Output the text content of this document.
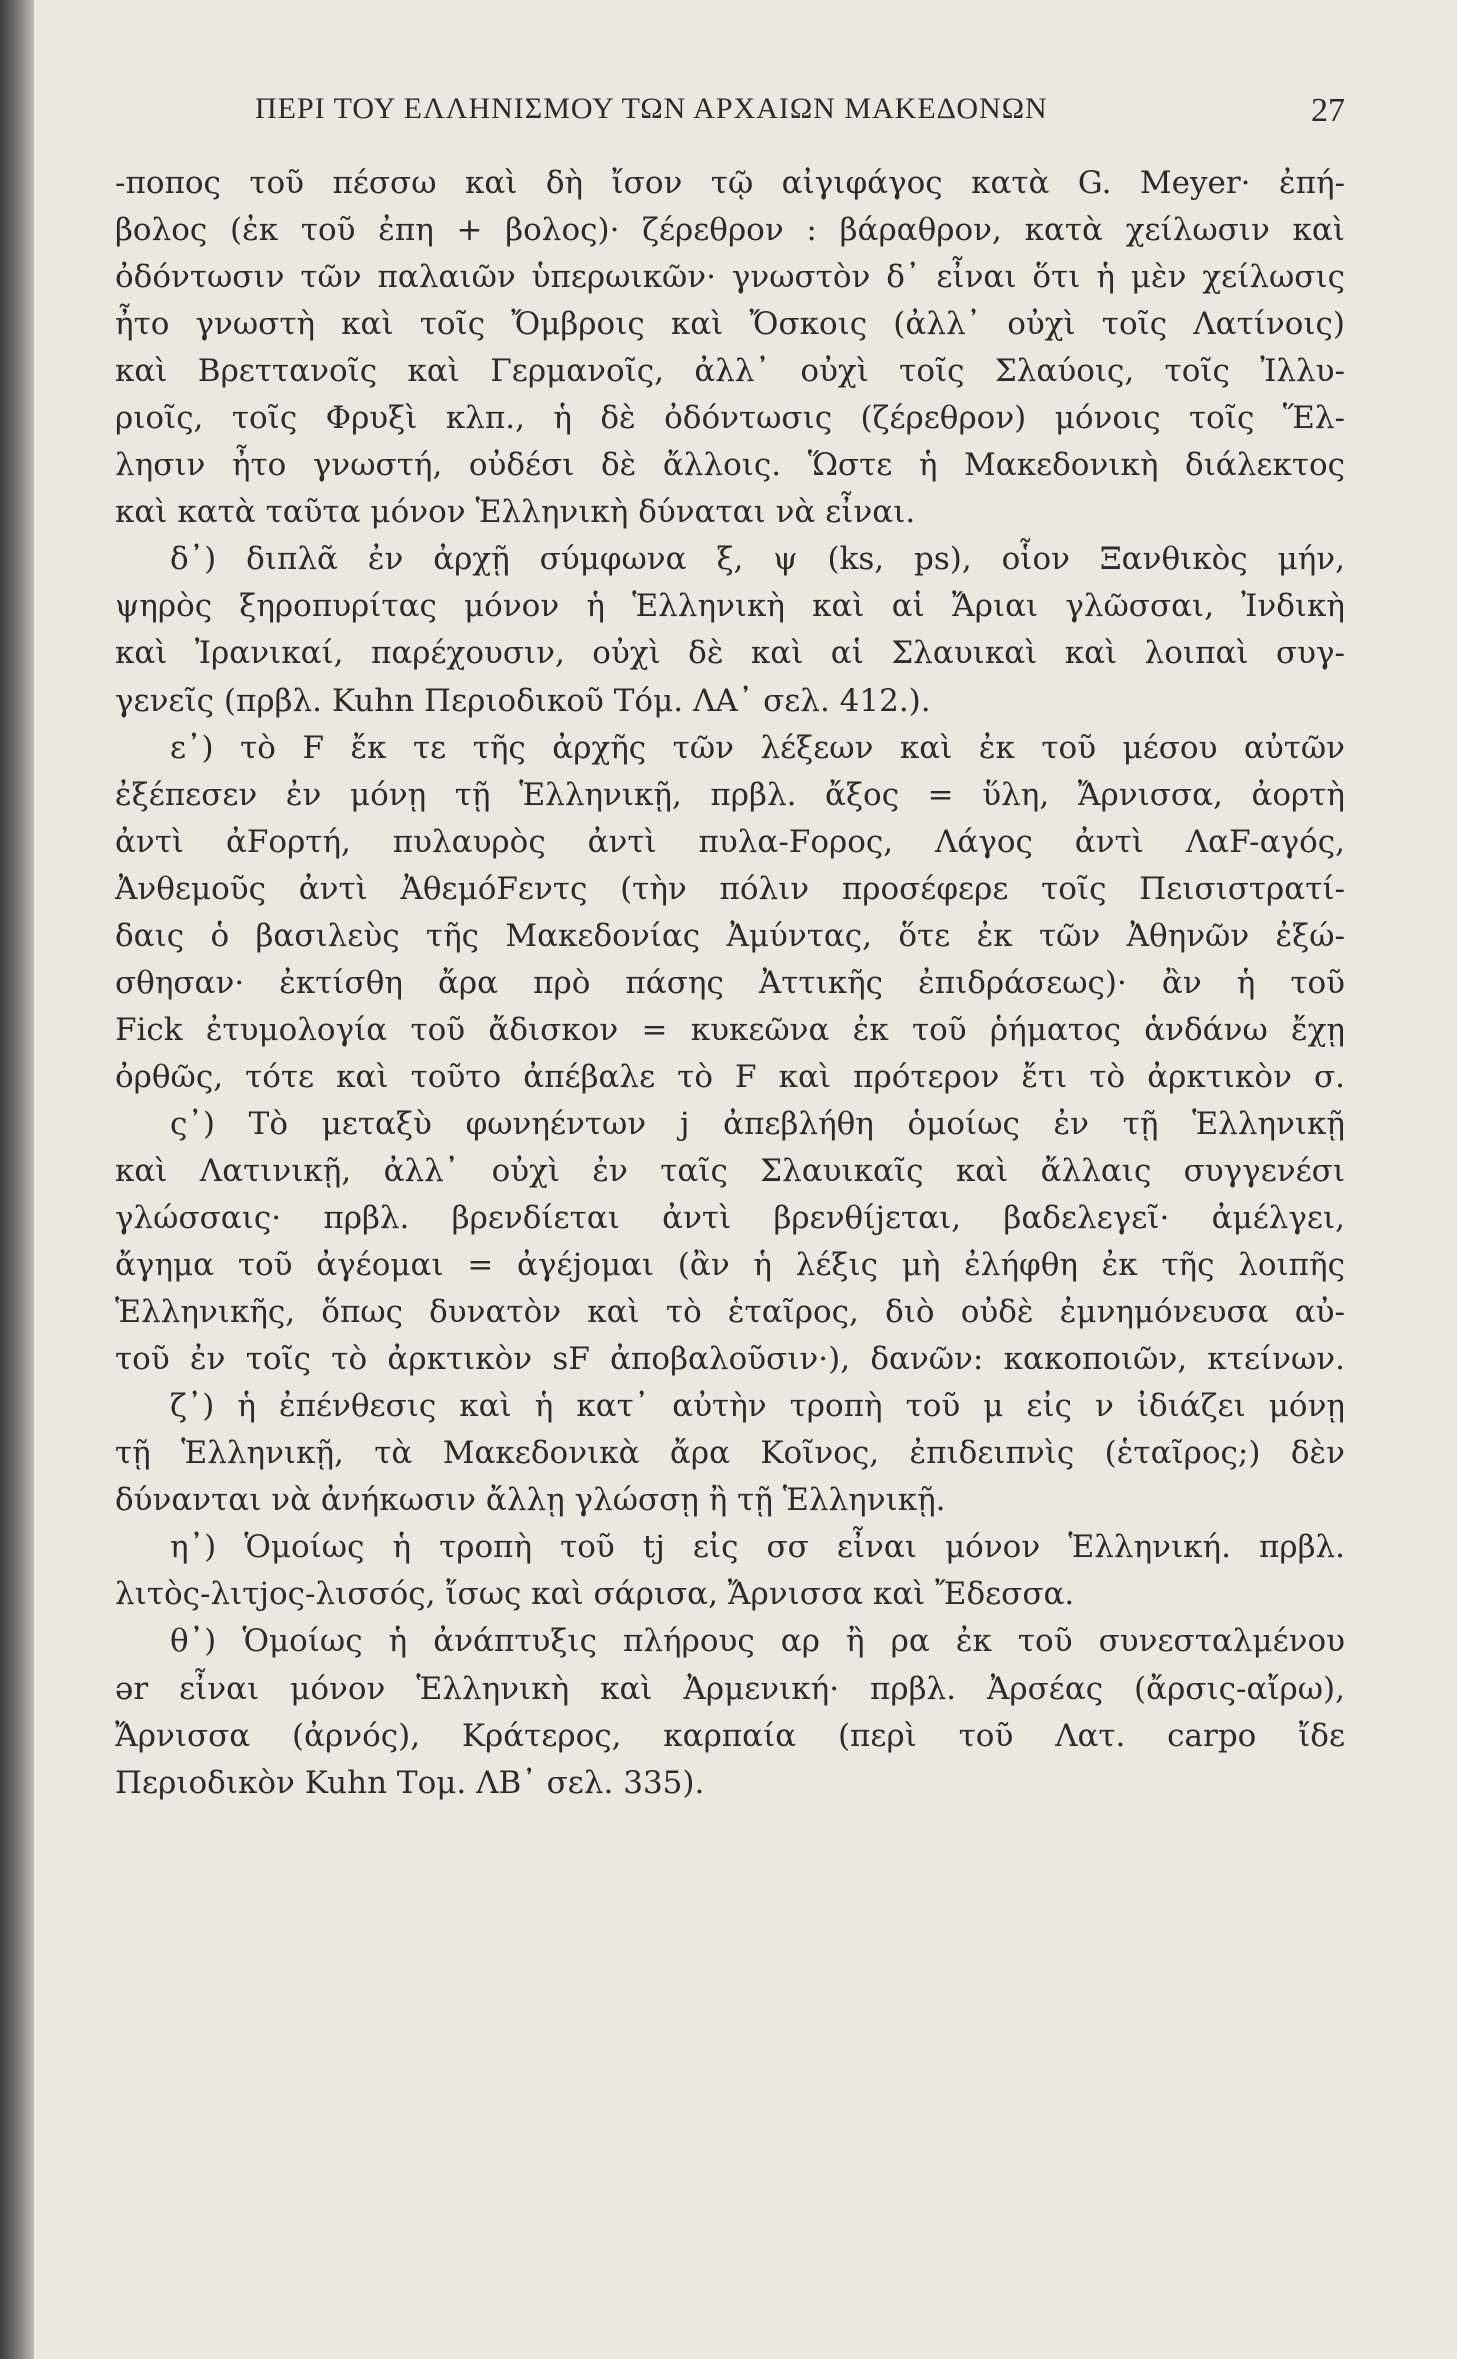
ΠΕΡΙ ΤΟΥ ΕΛΛΗΝΙΣΜΟΥ ΤΩΝ ΑΡΧΑΙΩΝ ΜΑΚΕΔΟΝΩΝ	27
-ποπος τοῦ πέσσω καὶ δὴ ἴσον τῷ αἰγιφάγος κατὰ G. Meyer· ἐπή-
βολος (ἐκ τοῦ ἐπη + βολος)· ζέρεθρον : βάραθρον, κατὰ χείλωσιν καὶ
ὀδόντωσιν τῶν παλαιῶν ὑπερωικῶν· γνωστὸν δ᾽ εἶναι ὅτι ἡ μὲν χείλωσις
ἦτο γνωστὴ καὶ τοῖς Ὄμβροις καὶ Ὄσκοις (ἀλλ᾽ οὐχὶ τοῖς Λατίνοις)
καὶ Βρεττανοῖς καὶ Γερμανοῖς, ἀλλ᾽ οὐχὶ τοῖς Σλαύοις, τοῖς Ἰλλυ-
ριοῖς, τοῖς Φρυξὶ κλπ., ἡ δὲ ὀδόντωσις (ζέρεθρον) μόνοις τοῖς Ἕλ-
λησιν ἦτο γνωστή, οὐδέσι δὲ ἄλλοις. Ὥστε ἡ Μακεδονικὴ διάλεκτος
καὶ κατὰ ταῦτα μόνον Ἑλληνικὴ δύναται νὰ εἶναι.
δ᾽) διπλᾶ ἐν ἀρχῇ σύμφωνα ξ, ψ (ks, ps), οἷον Ξανθικὸς μήν,
ψηρὸς ξηροπυρίτας μόνον ἡ Ἑλληνικὴ καὶ αἱ Ἄριαι γλῶσσαι, Ἰνδικὴ
καὶ Ἰρανικαί, παρέχουσιν, οὐχὶ δὲ καὶ αἱ Σλαυικαὶ καὶ λοιπαὶ συγ-
γενεῖς (πρβλ. Kuhn Περιοδικοῦ Τόμ. ΛΑ᾽ σελ. 412.).
ε᾽) τὸ F ἔκ τε τῆς ἀρχῆς τῶν λέξεων καὶ ἐκ τοῦ μέσου αὐτῶν
ἐξέπεσεν ἐν μόνῃ τῇ Ἑλληνικῇ, πρβλ. ἄξος = ὕλη, Ἄρνισσα, ἀορτὴ
ἀντὶ ἀFορτή, πυλαυρὸς ἀντὶ πυλα-Fορος, Λάγος ἀντὶ ΛαF-αγός,
Ἀνθεμοῦς ἀντὶ ἈθεμόFεντς (τὴν πόλιν προσέφερε τοῖς Πεισιστρατί-
δαις ὁ βασιλεὺς τῆς Μακεδονίας Ἀμύντας, ὅτε ἐκ τῶν Ἀθηνῶν ἐξώ-
σθησαν· ἐκτίσθη ἄρα πρὸ πάσης Ἀττικῆς ἐπιδράσεως)· ἂν ἡ τοῦ
Fick ἐτυμολογία τοῦ ἄδισκον = κυκεῶνα ἐκ τοῦ ῥήματος ἁνδάνω ἔχῃ
ὀρθῶς, τότε καὶ τοῦτο ἀπέβαλε τὸ F καὶ πρότερον ἔτι τὸ ἀρκτικὸν σ.
ς᾽) Τὸ μεταξὺ φωνηέντων j ἀπεβλήθη ὁμοίως ἐν τῇ Ἑλληνικῇ
καὶ Λατινικῇ, ἀλλ᾽ οὐχὶ ἐν ταῖς Σλαυικαῖς καὶ ἄλλαις συγγενέσι
γλώσσαις· πρβλ. βρενδίεται ἀντὶ βρενθίjεται, βαδελεγεῖ· ἀμέλγει,
ἄγημα τοῦ ἀγέομαι = ἀγέjομαι (ἂν ἡ λέξις μὴ ἐλήφθη ἐκ τῆς λοιπῆς
Ἑλληνικῆς, ὅπως δυνατὸν καὶ τὸ ἑταῖρος, διὸ οὐδὲ ἐμνημόνευσα αὐ-
τοῦ ἐν τοῖς τὸ ἀρκτικὸν sF ἀποβαλοῦσιν·), δανῶν: κακοποιῶν, κτείνων.
ζ᾽) ἡ ἐπένθεσις καὶ ἡ κατ᾽ αὐτὴν τροπὴ τοῦ μ εἰς ν ἰδιάζει μόνῃ
τῇ Ἑλληνικῇ, τὰ Μακεδονικὰ ἄρα Κοῖνος, ἐπιδειπνὶς (ἑταῖρος;) δὲν
δύνανται νὰ ἀνήκωσιν ἄλλῃ γλώσσῃ ἢ τῇ Ἑλληνικῇ.
η᾽) Ὁμοίως ἡ τροπὴ τοῦ tj εἰς σσ εἶναι μόνον Ἑλληνική. πρβλ.
λιτὸς-λιτjος-λισσός, ἴσως καὶ σάρισα, Ἄρνισσα καὶ Ἔδεσσα.
θ᾽) Ὁμοίως ἡ ἀνάπτυξις πλήρους αρ ἢ ρα ἐκ τοῦ συνεσταλμένου
ər εἶναι μόνον Ἑλληνικὴ καὶ Ἀρμενική· πρβλ. Ἀρσέας (ἄρσις-αἴρω),
Ἄρνισσα (ἀρνός), Κράτερος, καρπαία (περὶ τοῦ Λατ. carpo ἴδε
Περιοδικὸν Kuhn Τομ. ΛΒ᾽ σελ. 335).
